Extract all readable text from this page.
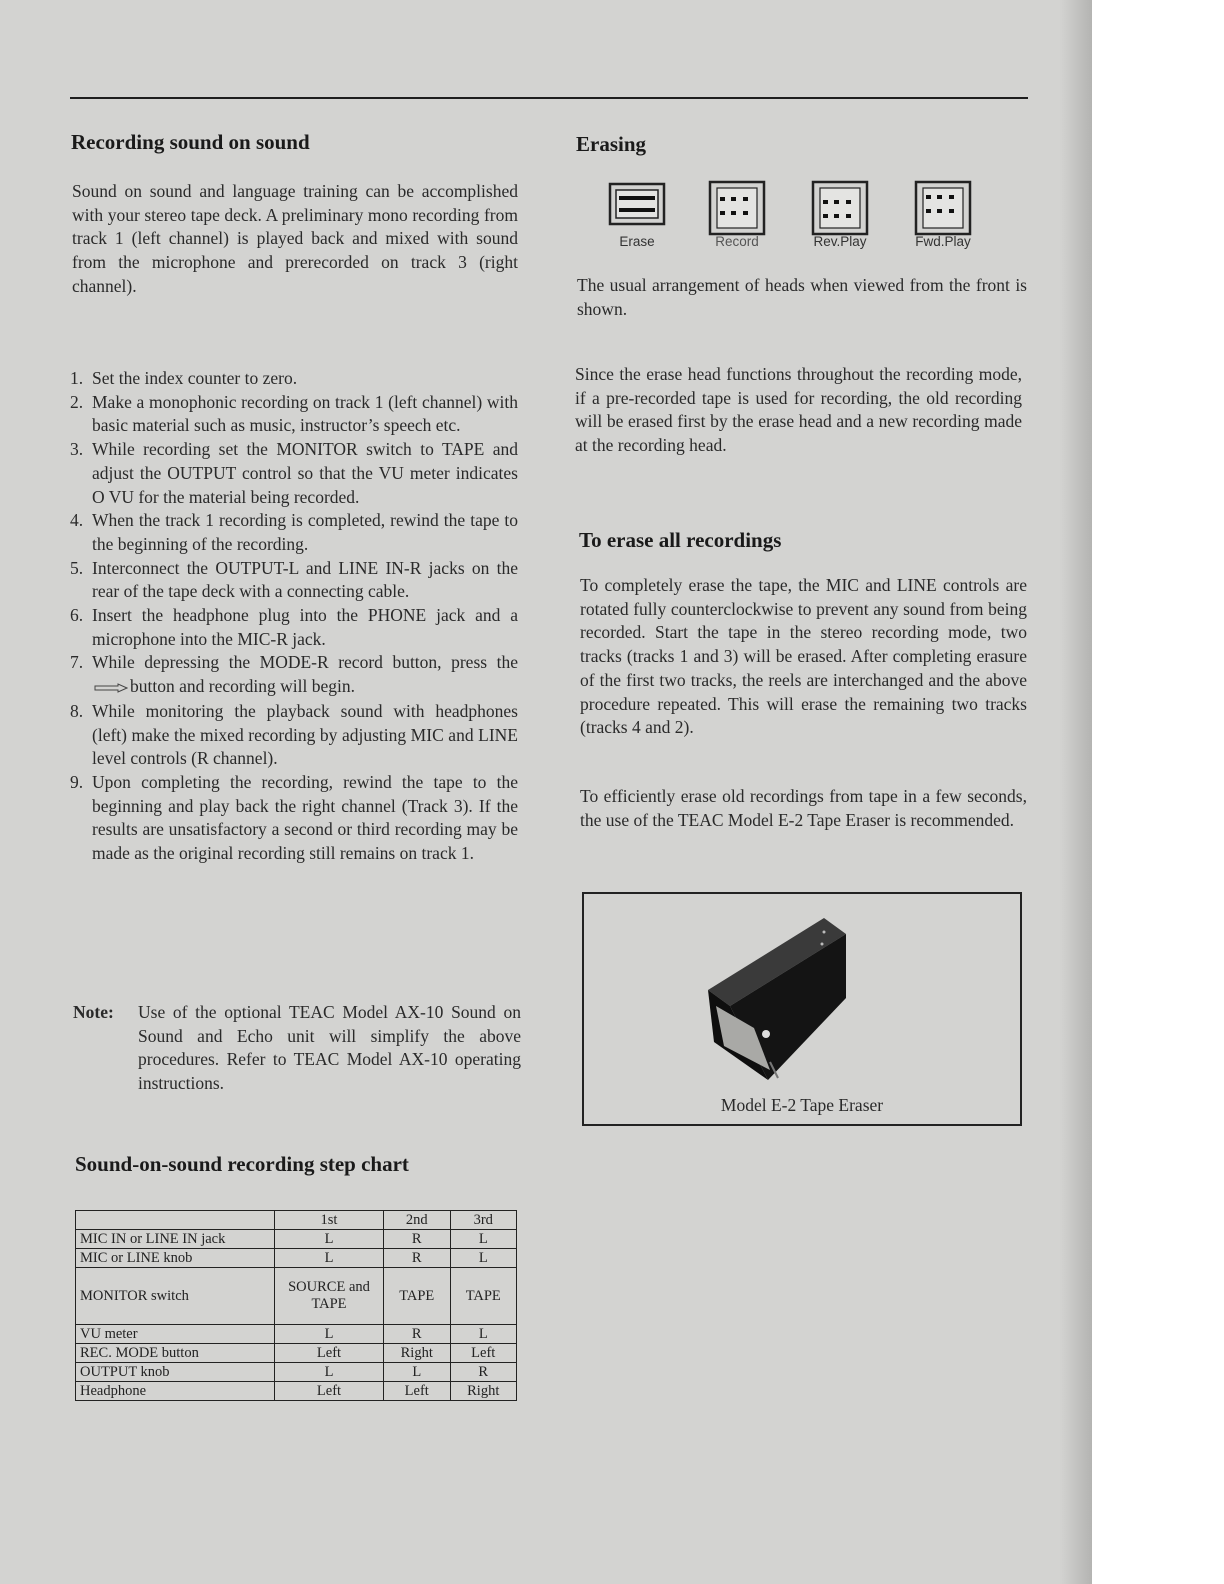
Recording sound on sound

Sound on sound and language training can be accomplished with your stereo tape deck. A preliminary mono recording from track 1 (left channel) is played back and mixed with sound from the microphone and prerecorded on track 3 (right channel).

1. Set the index counter to zero.
2. Make a monophonic recording on track 1 (left channel) with basic material such as music, instructor’s speech etc.
3. While recording set the MONITOR switch to TAPE and adjust the OUTPUT control so that the VU meter indicates O VU for the material being recorded.
4. When the track 1 recording is completed, rewind the tape to the beginning of the recording.
5. Interconnect the OUTPUT-L and LINE IN-R jacks on the rear of the tape deck with a connecting cable.
6. Insert the headphone plug into the PHONE jack and a microphone into the MIC-R jack.
7. While depressing the MODE-R record button, press the button and recording will begin.
8. While monitoring the playback sound with headphones (left) make the mixed recording by adjusting MIC and LINE level controls (R channel).
9. Upon completing the recording, rewind the tape to the beginning and play back the right channel (Track 3). If the results are unsatisfactory a second or third recording may be made as the original recording still remains on track 1.
Note:	Use of the optional TEAC Model AX-10 Sound on Sound and Echo unit will simplify the above procedures. Refer to TEAC Model AX-10 operating instructions.
Sound-on-sound recording step chart
	1st	2nd	3rd
MIC IN or LINE IN jack	L	R	L
MIC or LINE knob	L	R	L
MONITOR switch	SOURCE and TAPE	TAPE	TAPE
VU meter	L	R	L
REC. MODE button	Left	Right	Left
OUTPUT knob	L	L	R
Headphone	Left	Left	Right
Erasing
Erase	Record	Rev.Play	Fwd.Play

The usual arrangement of heads when viewed from the front is shown.

Since the erase head functions throughout the recording mode, if a pre-recorded tape is used for recording, the old recording will be erased first by the erase head and a new recording made at the recording head.

To erase all recordings

To completely erase the tape, the MIC and LINE controls are rotated fully counterclockwise to prevent any sound from being recorded. Start the tape in the stereo recording mode, two tracks (tracks 1 and 3) will be erased. After completing erasure of the first two tracks, the reels are interchanged and the above procedure repeated. This will erase the remaining two tracks (tracks 4 and 2).

To efficiently erase old recordings from tape in a few seconds, the use of the TEAC Model E-2 Tape Eraser is recommended.

Model E-2 Tape Eraser
